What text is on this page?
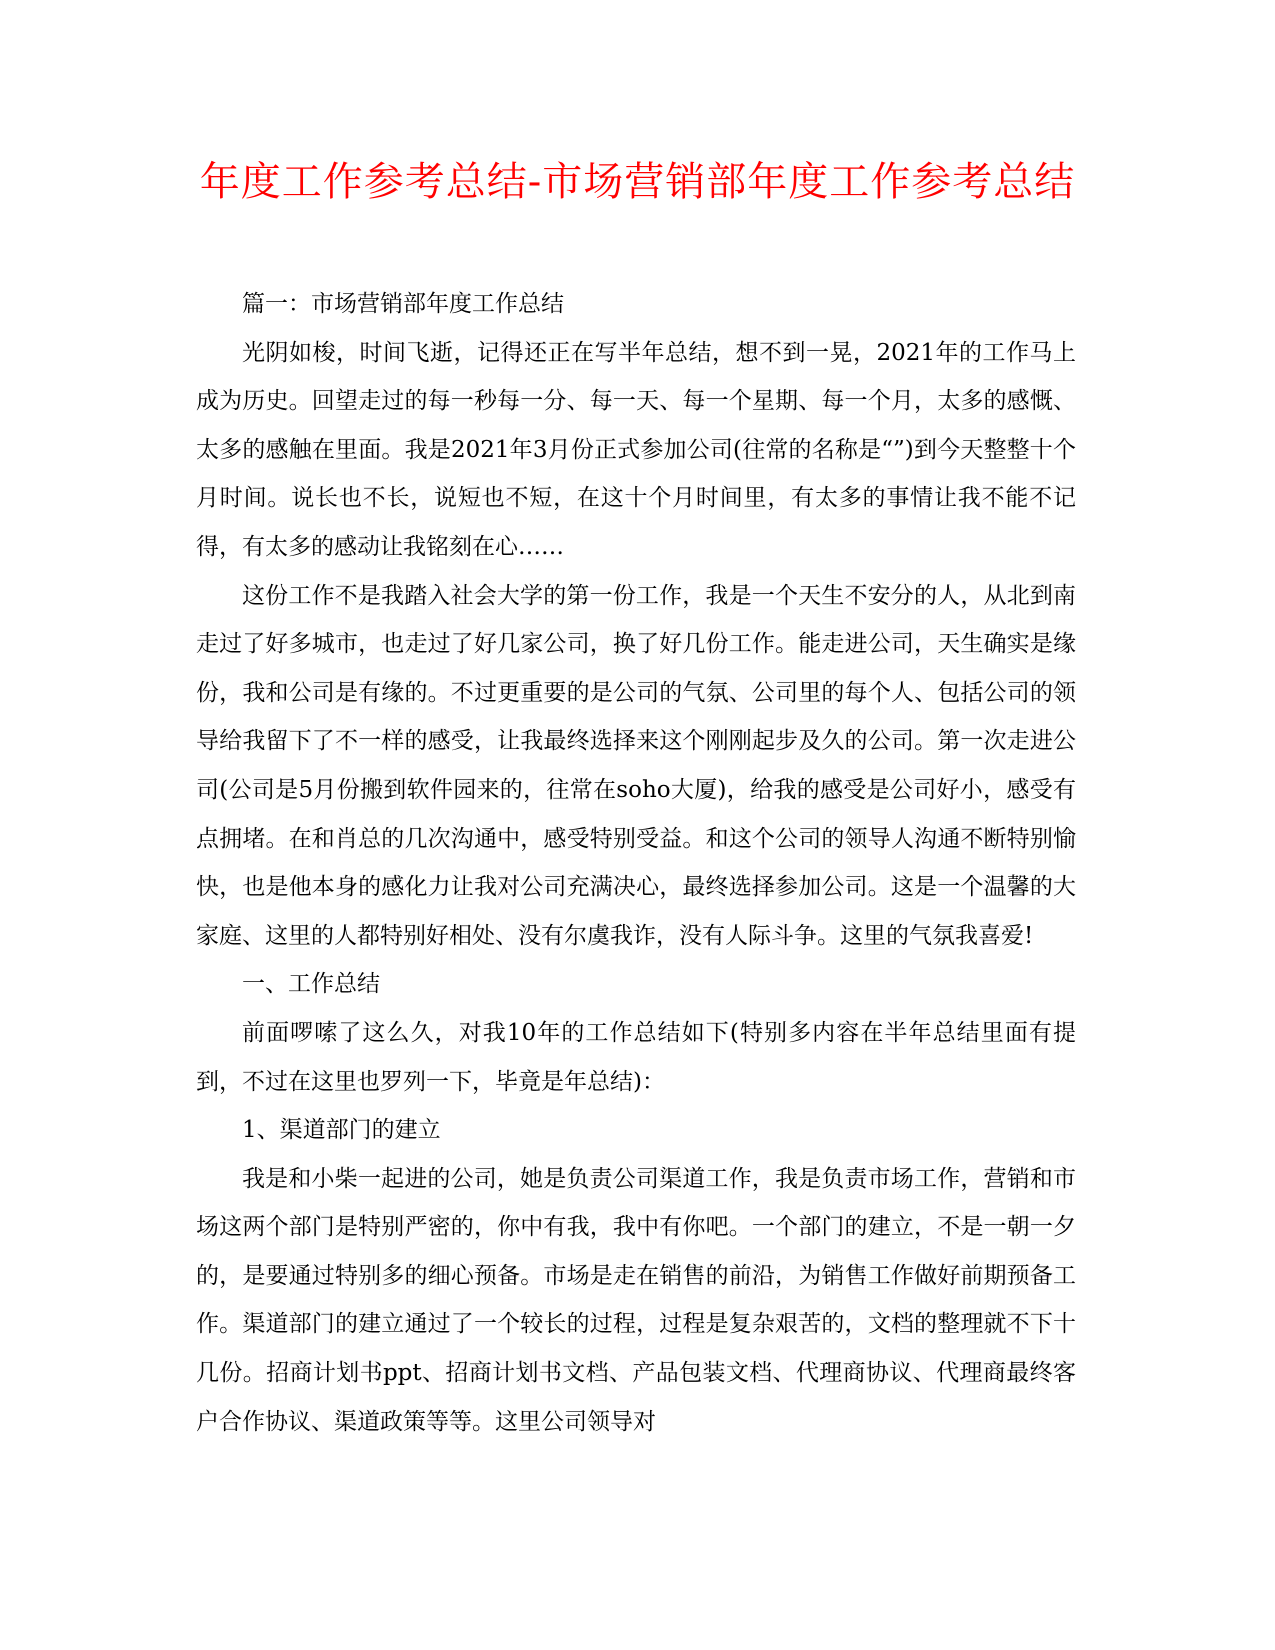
年度工作参考总结-市场营销部年度工作参考总结

篇一：市场营销部年度工作总结

光阴如梭，时间飞逝，记得还正在写半年总结，想不到一晃，2021年的工作马上成为历史。回望走过的每一秒每一分、每一天、每一个星期、每一个月，太多的感慨、太多的感触在里面。我是2021年3月份正式参加公司(往常的名称是“”)到今天整整十个月时间。说长也不长，说短也不短，在这十个月时间里，有太多的事情让我不能不记得，有太多的感动让我铭刻在心……

这份工作不是我踏入社会大学的第一份工作，我是一个天生不安分的人，从北到南走过了好多城市，也走过了好几家公司，换了好几份工作。能走进公司，天生确实是缘份，我和公司是有缘的。不过更重要的是公司的气氛、公司里的每个人、包括公司的领导给我留下了不一样的感受，让我最终选择来这个刚刚起步及久的公司。第一次走进公司(公司是5月份搬到软件园来的，往常在soho大厦)，给我的感受是公司好小，感受有点拥堵。在和肖总的几次沟通中，感受特别受益。和这个公司的领导人沟通不断特别愉快，也是他本身的感化力让我对公司充满决心，最终选择参加公司。这是一个温馨的大家庭、这里的人都特别好相处、没有尔虞我诈，没有人际斗争。这里的气氛我喜爱!

一、工作总结

前面啰嗦了这么久，对我10年的工作总结如下(特别多内容在半年总结里面有提到，不过在这里也罗列一下，毕竟是年总结)：

1、渠道部门的建立

我是和小柴一起进的公司，她是负责公司渠道工作，我是负责市场工作，营销和市场这两个部门是特别严密的，你中有我，我中有你吧。一个部门的建立，不是一朝一夕的，是要通过特别多的细心预备。市场是走在销售的前沿，为销售工作做好前期预备工作。渠道部门的建立通过了一个较长的过程，过程是复杂艰苦的，文档的整理就不下十几份。招商计划书ppt、招商计划书文档、产品包装文档、代理商协议、代理商最终客户合作协议、渠道政策等等。这里公司领导对
